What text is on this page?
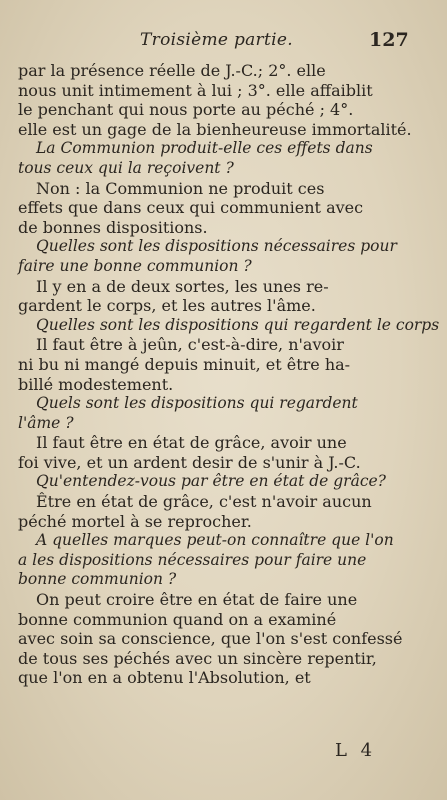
Troisième partie.	127
par la présence réelle de J.-C.; 2°. elle
nous unit intimement à lui ; 3°. elle affaiblit
le penchant qui nous porte au péché ; 4°.
elle est un gage de la bienheureuse immortalité.
La Communion produit-elle ces effets dans
tous ceux qui la reçoivent ?
Non : la Communion ne produit ces
effets que dans ceux qui communient avec
de bonnes dispositions.
Quelles sont les dispositions nécessaires pour
faire une bonne communion ?
Il y en a de deux sortes, les unes re-
gardent le corps, et les autres l'âme.
Quelles sont les dispositions qui regardent le corps
Il faut être à jeûn, c'est-à-dire, n'avoir
ni bu ni mangé depuis minuit, et être ha-
billé modestement.
Quels sont les dispositions qui regardent
l'âme ?
Il faut être en état de grâce, avoir une
foi vive, et un ardent desir de s'unir à J.-C.
Qu'entendez-vous par être en état de grâce?
Être en état de grâce, c'est n'avoir aucun
péché mortel à se reprocher.
A quelles marques peut-on connaître que l'on
a les dispositions nécessaires pour faire une
bonne communion ?
On peut croire être en état de faire une
bonne communion quand on a examiné
avec soin sa conscience, que l'on s'est confessé
de tous ses péchés avec un sincère repentir,
que l'on en a obtenu l'Absolution, et
L 4
